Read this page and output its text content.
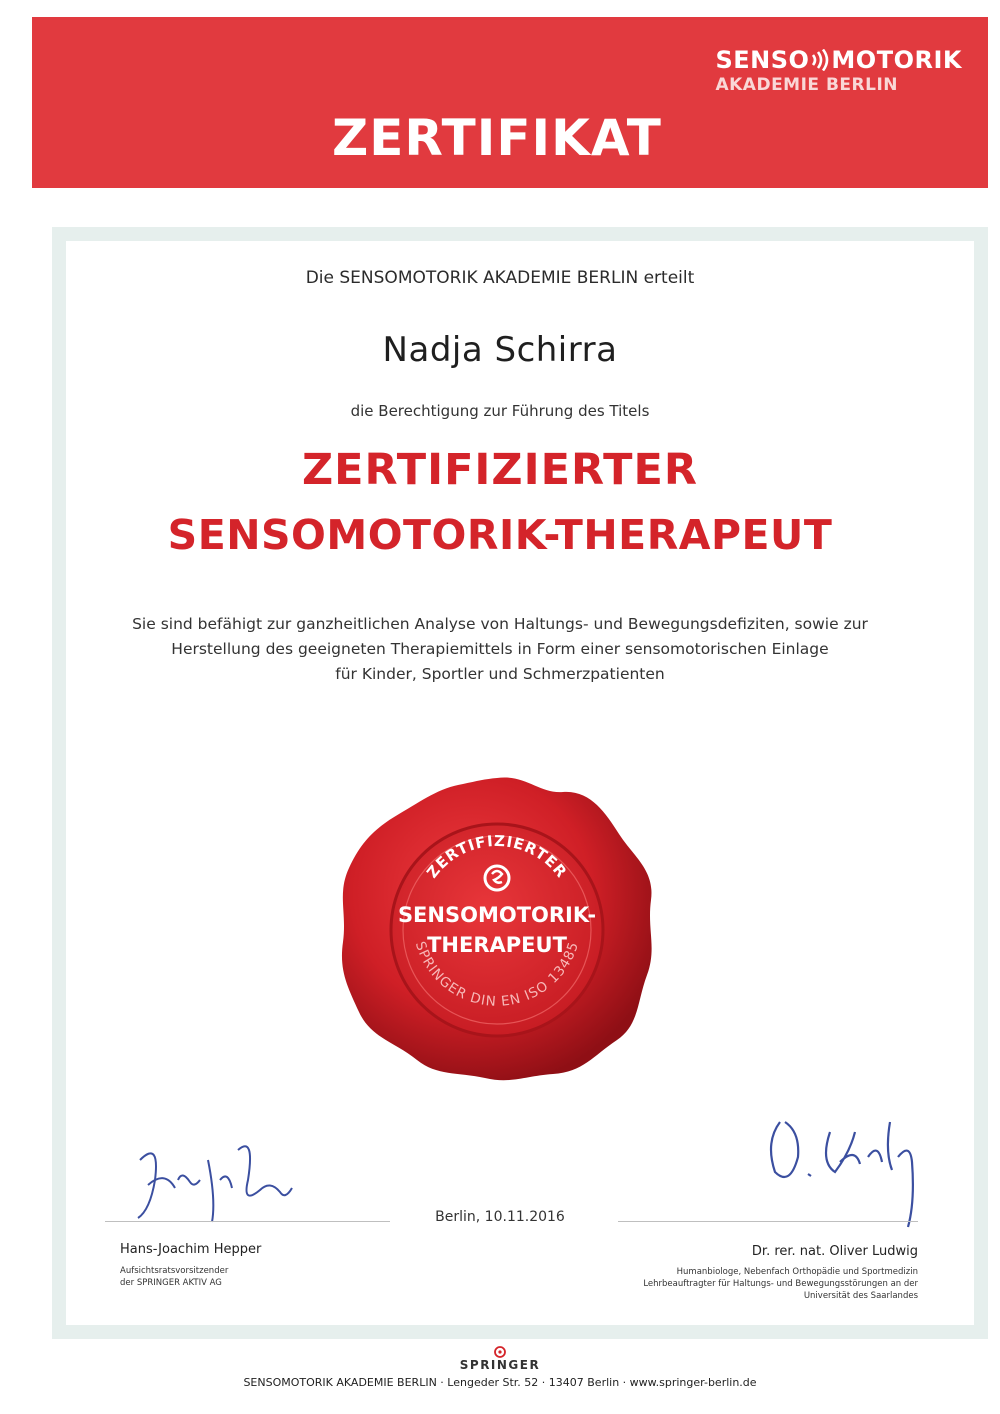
SENSO MOTORIK
AKADEMIE BERLIN
ZERTIFIKAT
Die SENSOMOTORIK AKADEMIE BERLIN erteilt
Nadja Schirra
die Berechtigung zur Führung des Titels
ZERTIFIZIERTER
SENSOMOTORIK-THERAPEUT
Sie sind befähigt zur ganzheitlichen Analyse von Haltungs- und Bewegungsdefiziten, sowie zur
Herstellung des geeigneten Therapiemittels in Form einer sensomotorischen Einlage
für Kinder, Sportler und Schmerzpatienten
ZERTIFIZIERTER
SENSOMOTORIK-
THERAPEUT
SPRINGER DIN EN ISO 13485
Berlin, 10.11.2016
Hans-Joachim Hepper
Aufsichtsratsvorsitzender
der SPRINGER AKTIV AG
Dr. rer. nat. Oliver Ludwig
Humanbiologe, Nebenfach Orthopädie und Sportmedizin
Lehrbeauftragter für Haltungs- und Bewegungsstörungen an der
Universität des Saarlandes
SPRINGER
SENSOMOTORIK AKADEMIE BERLIN · Lengeder Str. 52 · 13407 Berlin · www.springer-berlin.de
